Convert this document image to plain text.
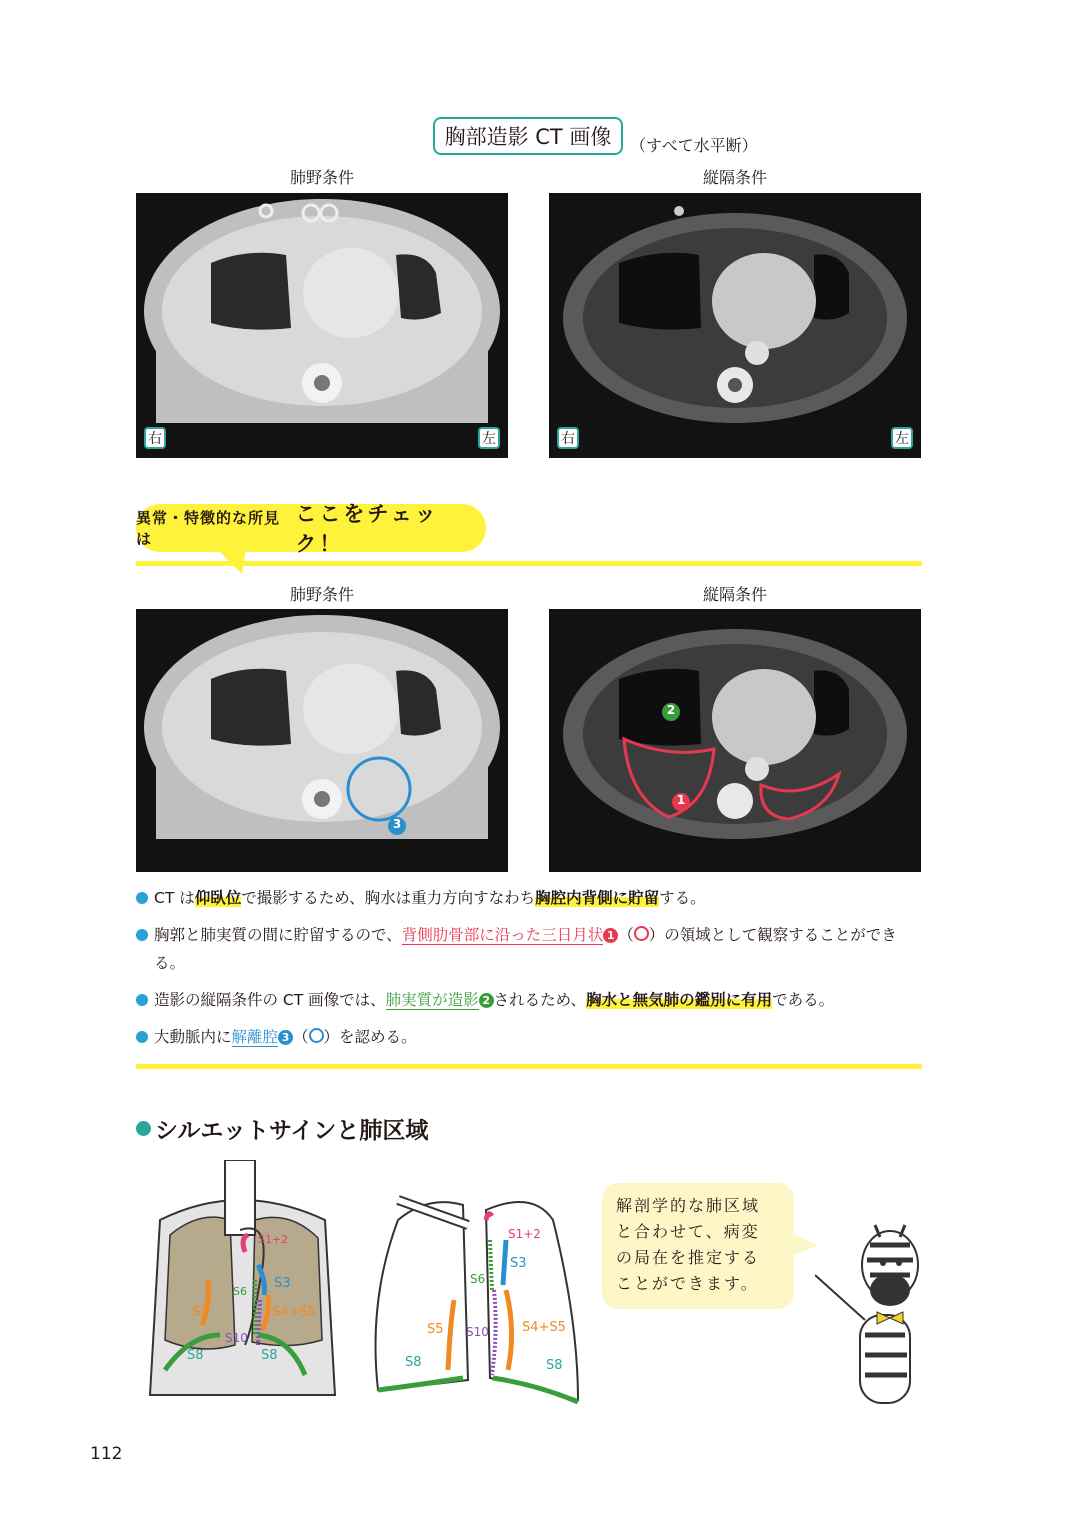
胸部造影 CT 画像 （すべて水平断）
肺野条件	縦隔条件
右	左	右	左
異常・特徴的な所見は
ここをチェック！
肺野条件	縦隔条件
3
2
1

CT は仰臥位で撮影するため、胸水は重力方向すなわち胸腔内背側に貯留する。

胸郭と肺実質の間に貯留するので、背側肋骨部に沿った三日月状 1 （ ）の領域として観察することができる。

造影の縦隔条件の CT 画像では、肺実質が造影 2 されるため、胸水と無気肺の鑑別に有用である。

大動脈内に解離腔 3 （ ）を認める。

シルエットサインと肺区域
S1+2
S3
S6
S5	S4+S5
S10
S8	S8
S1+2
S3
S6
S5	S4+S5
S10
S8	S8
解剖学的な肺区域
と合わせて、病変
の局在を推定する
ことができます。
112
